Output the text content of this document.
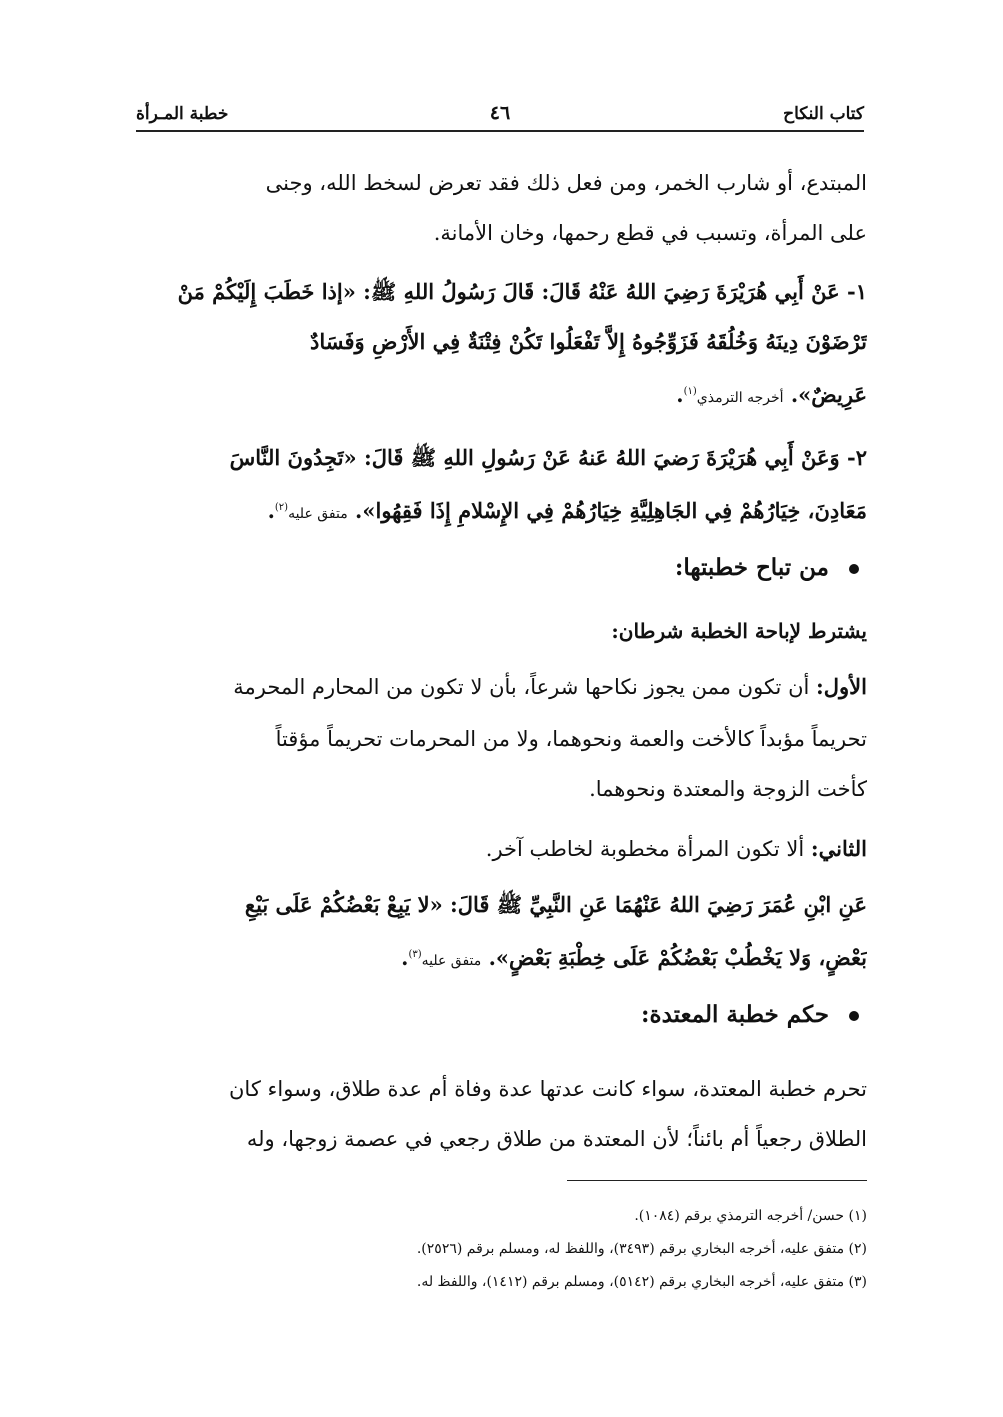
كتاب النكاح
٤٦
خطبة المـرأة
المبتدع، أو شارب الخمر، ومن فعل ذلك فقد تعرض لسخط الله، وجنى
على المرأة، وتسبب في قطع رحمها، وخان الأمانة.
١- عَنْ أَبِي هُرَيْرَةَ رَضِيَ اللهُ عَنْهُ قَالَ: قَالَ رَسُولُ اللهِ ﷺ: «إذا خَطَبَ إِلَيْكُمْ مَنْ
تَرْضَوْنَ دِينَهُ وَخُلُقَهُ فَزَوِّجُوهُ إِلاَّ تَفْعَلُوا تَكُنْ فِتْنَةٌ فِي الأَرْضِ وَفَسَادٌ
عَرِيضٌ». أخرجه الترمذي$^{(١)}$.
٢- وَعَنْ أَبِي هُرَيْرَةَ رَضيَ اللهُ عَنهُ عَنْ رَسُولِ اللهِ ﷺ قَالَ: «تَجِدُونَ النَّاسَ
مَعَادِنَ، خِيَارُهُمْ فِي الجَاهِلِيَّةِ خِيَارُهُمْ فِي الإِسْلامِ إِذَا فَقِهُوا». متفق عليه$^{(٢)}$.
من تباح خطبتها:
يشترط لإباحة الخطبة شرطان:
الأول: أن تكون ممن يجوز نكاحها شرعاً، بأن لا تكون من المحارم المحرمة
تحريماً مؤبداً كالأخت والعمة ونحوهما، ولا من المحرمات تحريماً مؤقتاً
كأخت الزوجة والمعتدة ونحوهما.
الثاني: ألا تكون المرأة مخطوبة لخاطب آخر.
عَنِ ابْنِ عُمَرَ رَضِيَ اللهُ عَنْهُمَا عَنِ النَّبِيِّ ﷺ قَالَ: «لا يَبِعْ بَعْضُكُمْ عَلَى بَيْعِ
بَعْضٍ، وَلا يَخْطُبْ بَعْضُكُمْ عَلَى خِطْبَةِ بَعْضٍ». متفق عليه$^{(٣)}$.
حكم خطبة المعتدة:
تحرم خطبة المعتدة، سواء كانت عدتها عدة وفاة أم عدة طلاق، وسواء كان
الطلاق رجعياً أم بائناً؛ لأن المعتدة من طلاق رجعي في عصمة زوجها، وله
(١) حسن/ أخرجه الترمذي برقم (١٠٨٤).
(٢) متفق عليه، أخرجه البخاري برقم (٣٤٩٣)، واللفظ له، ومسلم برقم (٢٥٢٦).
(٣) متفق عليه، أخرجه البخاري برقم (٥١٤٢)، ومسلم برقم (١٤١٢)، واللفظ له.
